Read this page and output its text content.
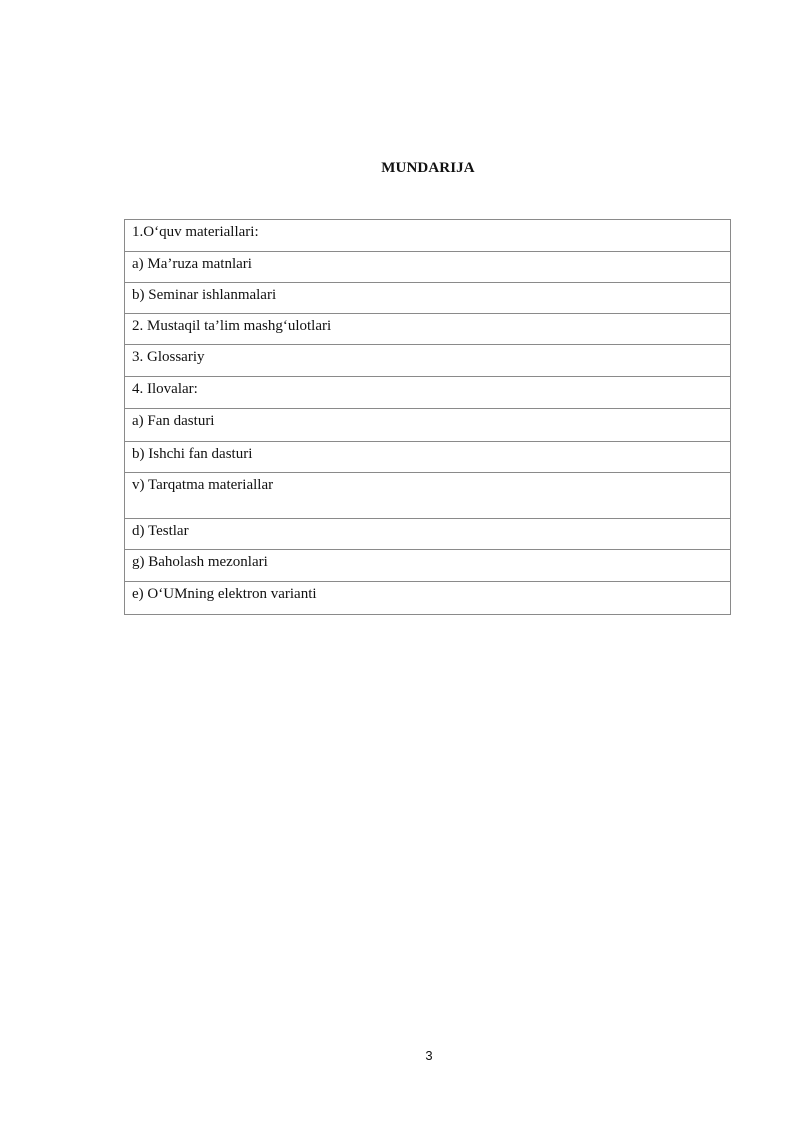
MUNDARIJA
1.O‘quv materiallari:
a) Ma’ruza matnlari
b) Seminar ishlanmalari
2. Mustaqil ta’lim mashg‘ulotlari
3. Glossariy
4. Ilovalar:
a) Fan dasturi
b) Ishchi fan dasturi
v) Tarqatma materiallar
d) Testlar
g) Baholash mezonlari
e) O‘UMning elektron varianti
3
